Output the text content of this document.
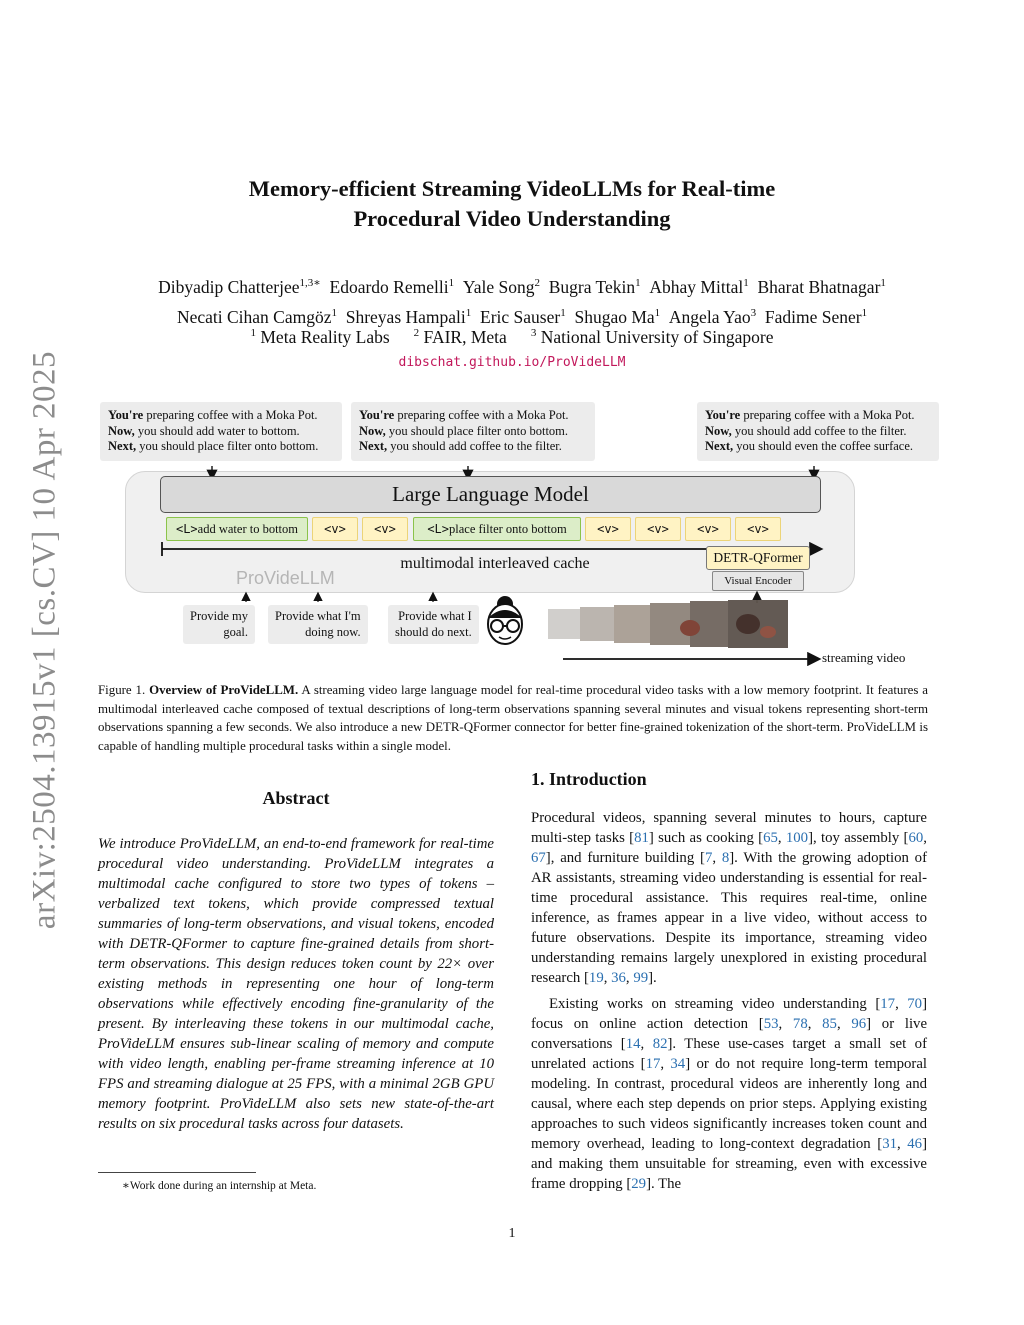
arXiv:2504.13915v1 [cs.CV] 10 Apr 2025
Memory-efficient Streaming VideoLLMs for Real-time
Procedural Video Understanding
Dibyadip Chatterjee$^{1,3∗}$ Edoardo Remelli$^1$ Yale Song$^2$ Bugra Tekin$^1$ Abhay Mittal$^1$ Bharat Bhatnagar$^1$
Necati Cihan Camgöz$^1$ Shreyas Hampali$^1$ Eric Sauser$^1$ Shugao Ma$^1$ Angela Yao$^3$ Fadime Sener$^1$
$^1$ Meta Reality Labs $^2$ FAIR, Meta $^3$ National University of Singapore
dibschat.github.io/ProVideLLM
You're preparing coffee with a Moka Pot.
Now, you should add water to bottom.
Next, you should place filter onto bottom.
You're preparing coffee with a Moka Pot.
Now, you should place filter onto bottom.
Next, you should add coffee to the filter.
You're preparing coffee with a Moka Pot.
Now, you should add coffee to the filter.
Next, you should even the coffee surface.
Large Language Model
<L>add water to bottom	<v>	<v>	<L>place filter onto bottom	<v>	<v>	<v>	<v>
multimodal interleaved cache
ProVideLLM
DETR-QFormer
Visual Encoder
Provide my
goal.
Provide what I'm
doing now.
Provide what I
should do next.
streaming video
Figure 1. Overview of ProVideLLM. A streaming video large language model for real-time procedural video tasks with a low memory footprint. It features a multimodal interleaved cache composed of textual descriptions of long-term observations spanning several minutes and visual tokens representing short-term observations spanning a few seconds. We also introduce a new DETR-QFormer connector for better fine-grained tokenization of the short-term. ProVideLLM is capable of handling multiple procedural tasks within a single model.
Abstract
We introduce ProVideLLM, an end-to-end framework for real-time procedural video understanding. ProVideLLM integrates a multimodal cache configured to store two types of tokens – verbalized text tokens, which provide compressed textual summaries of long-term observations, and visual tokens, encoded with DETR-QFormer to capture fine-grained details from short-term observations. This design reduces token count by 22× over existing methods in representing one hour of long-term observations while effectively encoding fine-granularity of the present. By interleaving these tokens in our multimodal cache, ProVideLLM ensures sub-linear scaling of memory and compute with video length, enabling per-frame streaming inference at 10 FPS and streaming dialogue at 25 FPS, with a minimal 2GB GPU memory footprint. ProVideLLM also sets new state-of-the-art results on six procedural tasks across four datasets.
∗Work done during an internship at Meta.
1. Introduction

Procedural videos, spanning several minutes to hours, capture multi-step tasks [81] such as cooking [65, 100], toy assembly [60, 67], and furniture building [7, 8]. With the growing adoption of AR assistants, streaming video understanding is essential for real-time procedural assistance. This requires real-time, online inference, as frames appear in a live video, without access to future observations. Despite its importance, streaming video understanding remains largely unexplored in existing procedural research [19, 36, 99].

Existing works on streaming video understanding [17, 70] focus on online action detection [53, 78, 85, 96] or live conversations [14, 82]. These use-cases target a small set of unrelated actions [17, 34] or do not require long-term temporal modeling. In contrast, procedural videos are inherently long and causal, where each step depends on prior steps. Applying existing approaches to such videos significantly increases token count and memory overhead, leading to long-context degradation [31, 46] and making them unsuitable for streaming, even with excessive frame dropping [29]. The

1
